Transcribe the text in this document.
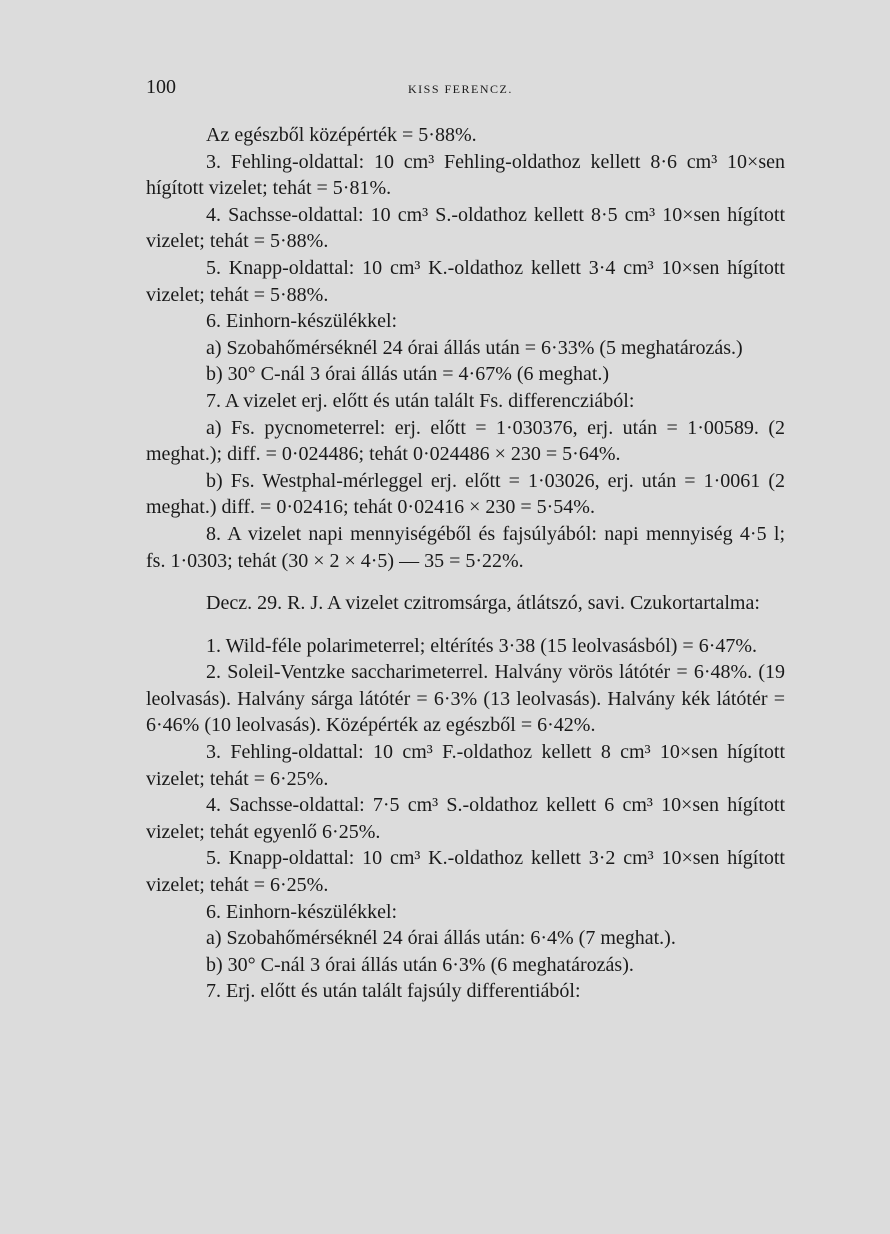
100	KISS FERENCZ.

Az egészből középérték = 5·88%.

3. Fehling-oldattal: 10 cm³ Fehling-oldathoz kellett 8·6 cm³ 10×sen hígított vizelet; tehát = 5·81%.

4. Sachsse-oldattal: 10 cm³ S.-oldathoz kellett 8·5 cm³ 10×sen hígított vizelet; tehát = 5·88%.

5. Knapp-oldattal: 10 cm³ K.-oldathoz kellett 3·4 cm³ 10×sen hígított vizelet; tehát = 5·88%.

6. Einhorn-készülékkel:

a) Szobahőmérséknél 24 órai állás után = 6·33% (5 meghatározás.)

b) 30° C-nál 3 órai állás után = 4·67% (6 meghat.)

7. A vizelet erj. előtt és után talált Fs. differencziából:

a) Fs. pycnometerrel: erj. előtt = 1·030376, erj. után = 1·00589. (2 meghat.); diff. = 0·024486; tehát 0·024486 × 230 = 5·64%.

b) Fs. Westphal-mérleggel erj. előtt = 1·03026, erj. után = 1·0061 (2 meghat.) diff. = 0·02416; tehát 0·02416 × 230 = 5·54%.

8. A vizelet napi mennyiségéből és fajsúlyából: napi mennyiség 4·5 l; fs. 1·0303; tehát (30 × 2 × 4·5) — 35 = 5·22%.

Decz. 29. R. J. A vizelet czitromsárga, átlátszó, savi. Czukortartalma:

1. Wild-féle polarimeterrel; eltérítés 3·38 (15 leolvasásból) = 6·47%.

2. Soleil-Ventzke saccharimeterrel. Halvány vörös látótér = 6·48%. (19 leolvasás). Halvány sárga látótér = 6·3% (13 leolvasás). Halvány kék látótér = 6·46% (10 leolvasás). Középérték az egészből = 6·42%.

3. Fehling-oldattal: 10 cm³ F.-oldathoz kellett 8 cm³ 10×sen hígított vizelet; tehát = 6·25%.

4. Sachsse-oldattal: 7·5 cm³ S.-oldathoz kellett 6 cm³ 10×sen hígított vizelet; tehát egyenlő 6·25%.

5. Knapp-oldattal: 10 cm³ K.-oldathoz kellett 3·2 cm³ 10×sen hígított vizelet; tehát = 6·25%.

6. Einhorn-készülékkel:

a) Szobahőmérséknél 24 órai állás után: 6·4% (7 meghat.).

b) 30° C-nál 3 órai állás után 6·3% (6 meghatározás).

7. Erj. előtt és után talált fajsúly differentiából:
